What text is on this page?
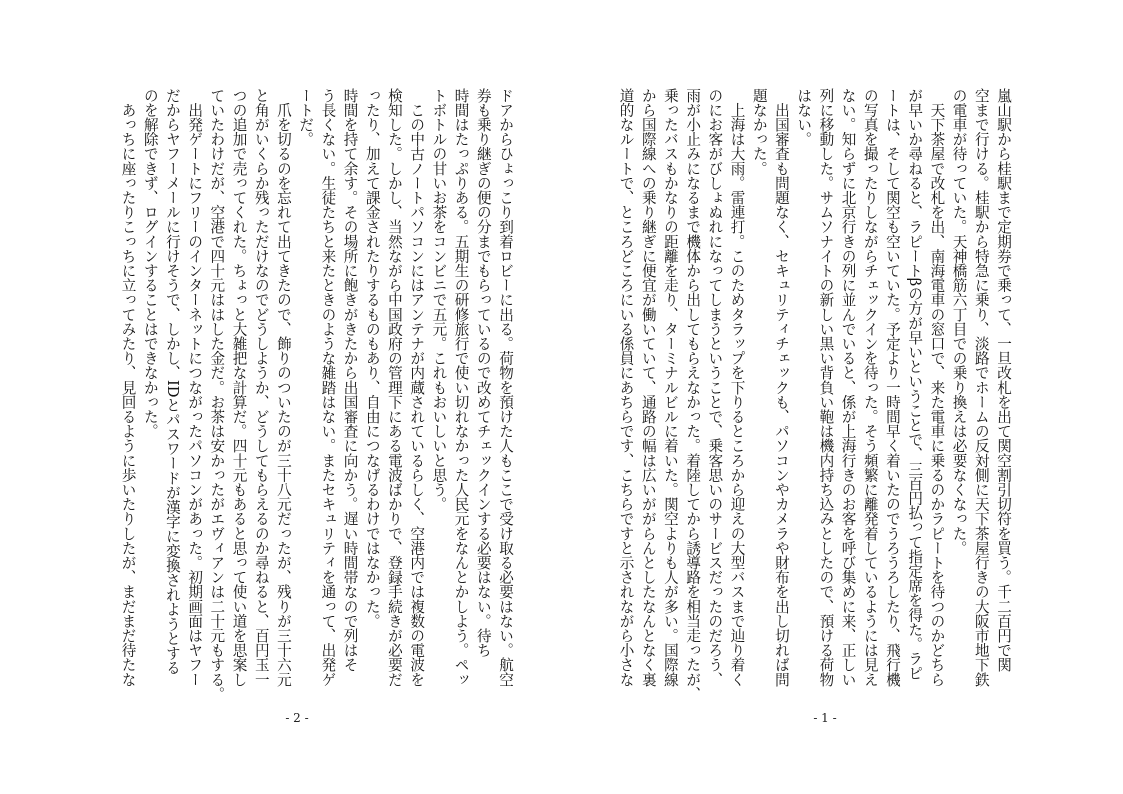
ドアからひょっこり到着ロビーに出る。荷物を預けた人もここで受け取る必要はない。航空

券も乗り継ぎの便の分までもらっているので改めてチェックインする必要はない。待ち

時間はたっぷりある。五期生の研修旅行で使い切れなかった人民元をなんとかしよう。ペッ

トボトルの甘いお茶をコンビニで五元。これもおいしいと思う。

　この中古ノートパソコンにはアンテナが内蔵されているらしく、空港内では複数の電波を

検知した。しかし、当然ながら中国政府の管理下にある電波ばかりで、登録手続きが必要だ

ったり、加えて課金されたりするものもあり、自由につなげるわけではなかった。

時間を持て余す。その場所に飽きがきたから出国審査に向かう。遅い時間帯なので列はそ

う長くない。生徒たちと来たときのような雑踏はない。またセキュリティを通って、出発ゲ

ートだ。

　爪を切るのを忘れて出てきたので、飾りのついたのが三十八元だったが、残りが三十六元

と角がいくらか残っただけなのでどうしようか、どうしてもらえるのか尋ねると、百円玉一

つの追加で売ってくれた。ちょっと大雑把な計算だ。四十元もあると思って使い道を思案し

ていたわけだが、空港で四十元ははした金だ。お茶は安かったがエヴィアンは二十元もする。

　出発ゲートにフリーのインターネットにつながったパソコンがあった。初期画面はヤフー

だからヤフーメールに行けそうで、しかし、IDとパスワードが漢字に変換されようとする

のを解除できず、ログインすることはできなかった。

　あっちに座ったりこっちに立ってみたり、見回るように歩いたりしたが、まだまだ待たな

- 2 -

嵐山駅から桂駅まで定期券で乗って、一旦改札を出て関空割引切符を買う。千二百円で関

空まで行ける。桂駅から特急に乗り、淡路でホームの反対側に天下茶屋行きの大阪市地下鉄

の電車が待っていた。天神橋筋六丁目での乗り換えは必要なくなった。

　天下茶屋で改札を出、南海電車の窓口で、来た電車に乗るのかラピートを待つのかどちら

が早いか尋ねると、ラピートβの方が早いということで、三百円払って指定席を得た。ラピ

ートは、そして関空も空いていた。予定より一時間早く着いたのでうろうろしたり、飛行機

の写真を撮ったりしながらチェックインを待った。そう頻繁に離発着しているようには見え

ない。知らずに北京行きの列に並んでいると、係が上海行きのお客を呼び集めに来、正しい

列に移動した。サムソナイトの新しい黒い背負い鞄は機内持ち込みとしたので、預ける荷物

はない。

　出国審査も問題なく、セキュリティチェックも、パソコンやカメラや財布を出し切れば問

題なかった。

　上海は大雨。雷連打。このためタラップを下りるところから迎えの大型バスまで辿り着く

のにお客がびしょぬれになってしまうということで、乗客思いのサービスだったのだろう、

雨が小止みになるまで機体から出してもらえなかった。着陸してから誘導路を相当走ったが、

乗ったバスもかなりの距離を走り、ターミナルビルに着いた。関空よりも人が多い。国際線

から国際線への乗り継ぎに便宜が働いていて、通路の幅は広いががらんとしたなんとなく裏

道的なルートで、ところどころにいる係員にあちらです、こちらですと示されながら小さな

- 1 -
